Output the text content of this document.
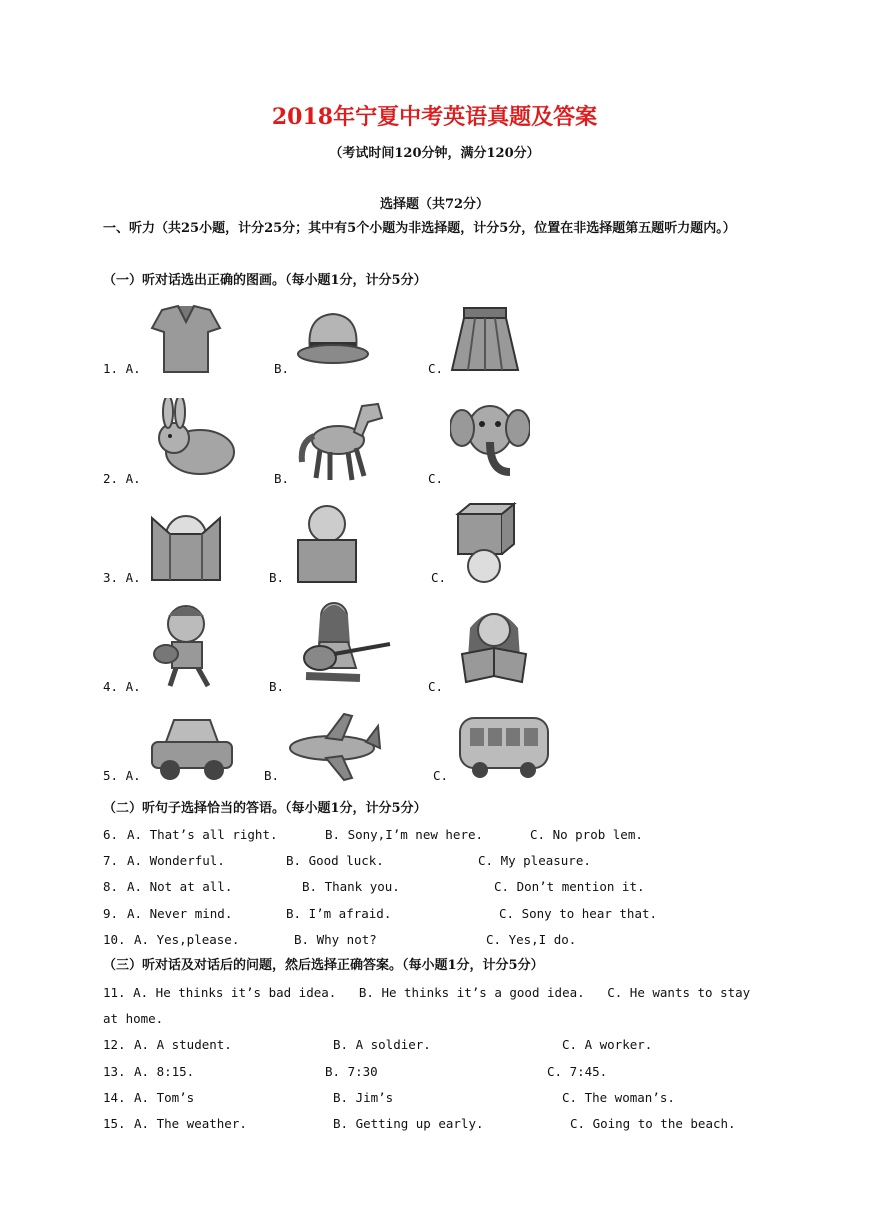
2018年宁夏中考英语真题及答案
（考试时间120分钟，满分120分）
选择题（共72分）
一、听力（共25小题，计分25分；其中有5个小题为非选择题，计分5分，位置在非选择题第五题听力题内。）
（一）听对话选出正确的图画。（每小题1分，计分5分）
1. A.	B.	C.
2. A.	B.	C.
3. A.	B.	C.
4. A.	B.	C.
5. A.	B.	C.
（二）听句子选择恰当的答语。（每小题1分，计分5分）
6. A. That’s all right.	B. Sony,I’m new here.	C. No prob lem.
7. A. Wonderful.	B. Good luck.	C. My pleasure.
8. A. Not at all.	B. Thank you.	C. Don’t mention it.
9. A. Never mind.	B. I’m afraid.	C. Sony to hear that.
10. A. Yes,please.	B. Why not?	C. Yes,I do.
（三）听对话及对话后的问题，然后选择正确答案。（每小题1分，计分5分）
11. A. He thinks it’s bad idea.   B. He thinks it’s a good idea.   C. He wants to stay
at home.
12. A. A student.	B. A soldier.	C. A worker.
13. A. 8:15.	B. 7:30	C. 7:45.
14. A. Tom’s	B. Jim’s	C. The woman’s.
15. A. The weather.	B. Getting up early.	C. Going to the beach.
